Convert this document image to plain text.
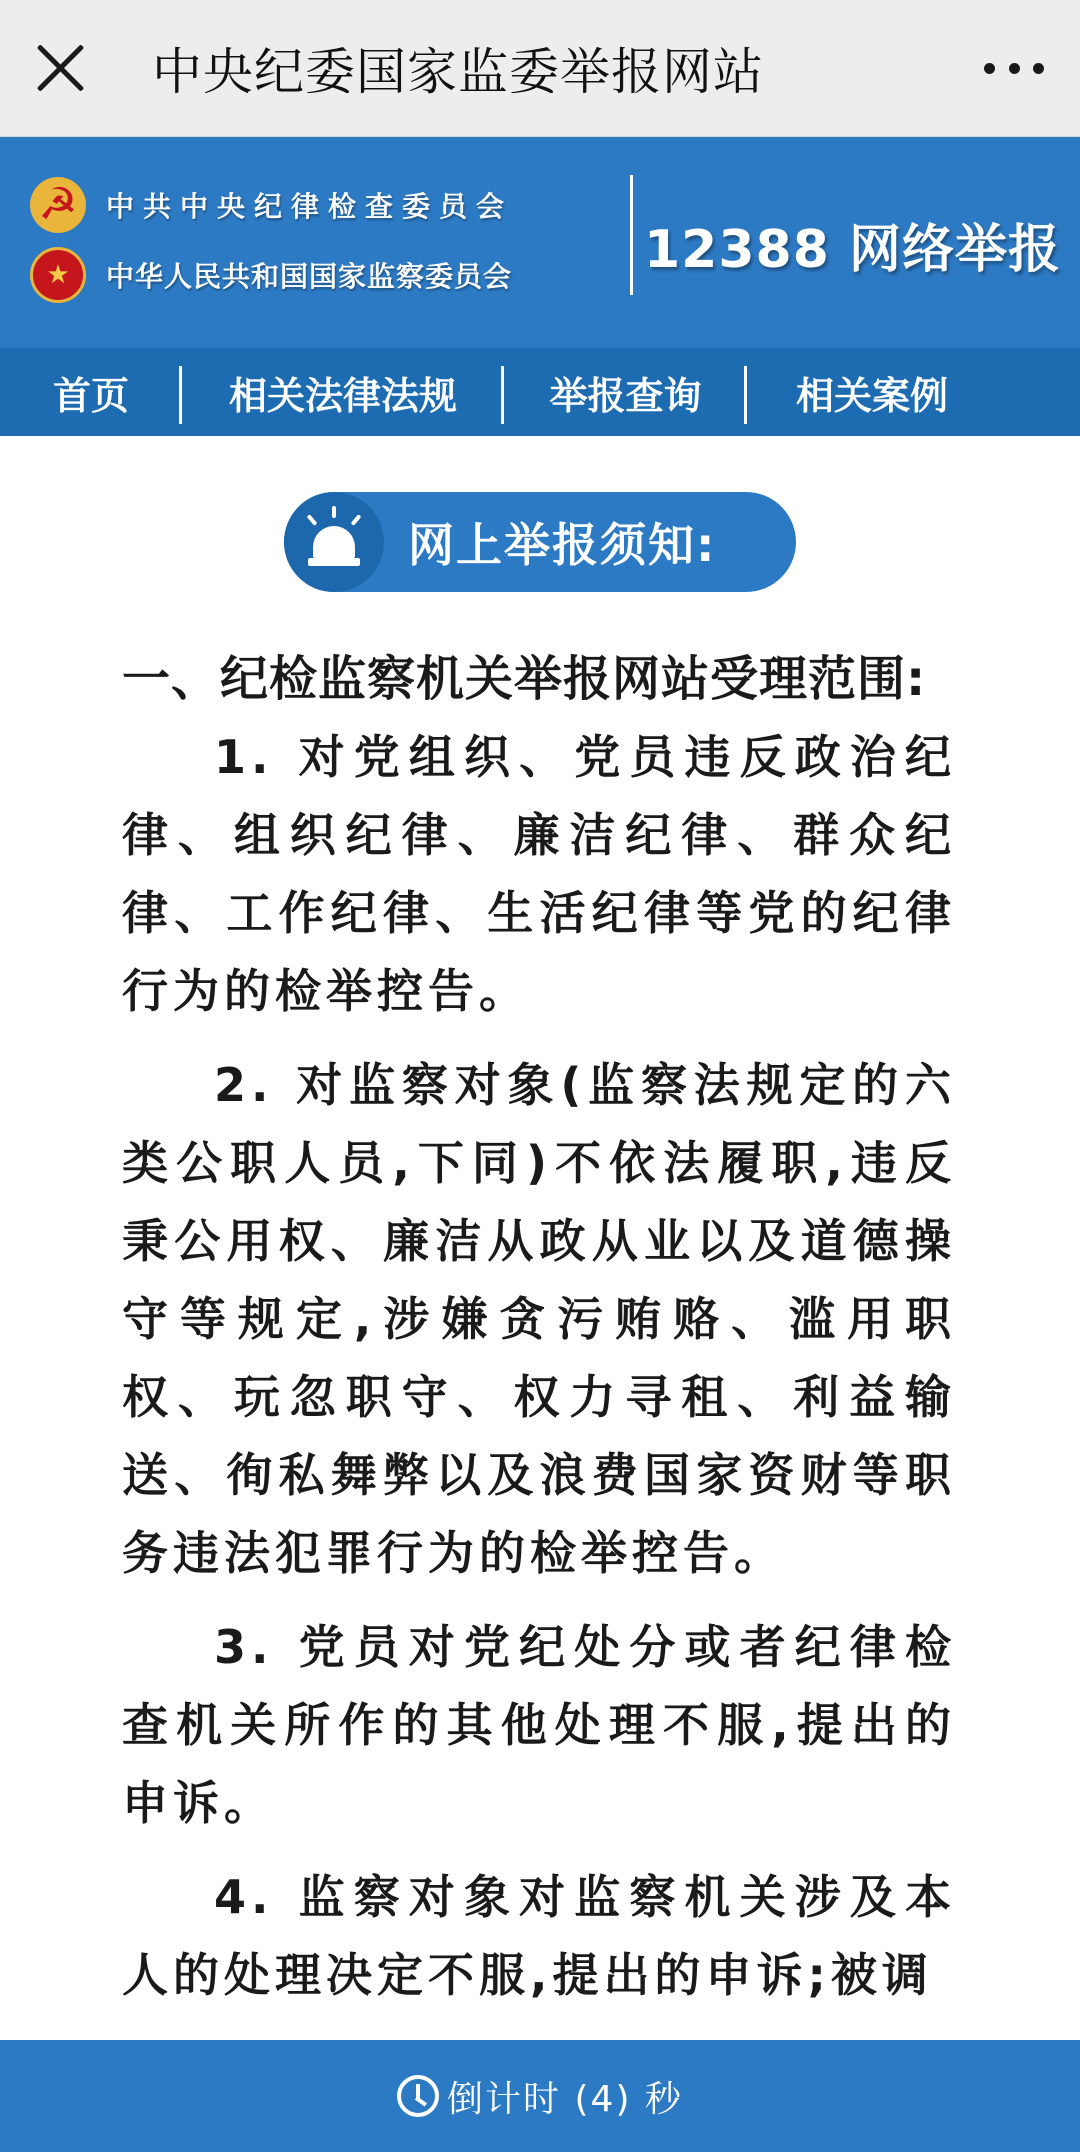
中央纪委国家监委举报网站
☭
中共中央纪律检查委员会
★
中华人民共和国国家监察委员会	12388 网络举报
首页	相关法律法规	举报查询	相关案例
网上举报须知:

一、纪检监察机关举报网站受理范围:

1. 对党组织、党员违反政治纪律、组织纪律、廉洁纪律、群众纪律、工作纪律、生活纪律等党的纪律行为的检举控告。

2. 对监察对象(监察法规定的六类公职人员,下同)不依法履职,违反秉公用权、廉洁从政从业以及道德操守等规定,涉嫌贪污贿赂、滥用职权、玩忽职守、权力寻租、利益输送、徇私舞弊以及浪费国家资财等职务违法犯罪行为的检举控告。

3. 党员对党纪处分或者纪律检查机关所作的其他处理不服,提出的申诉。

4. 监察对象对监察机关涉及本人的处理决定不服,提出的申诉;被调

倒计时 (4) 秒
